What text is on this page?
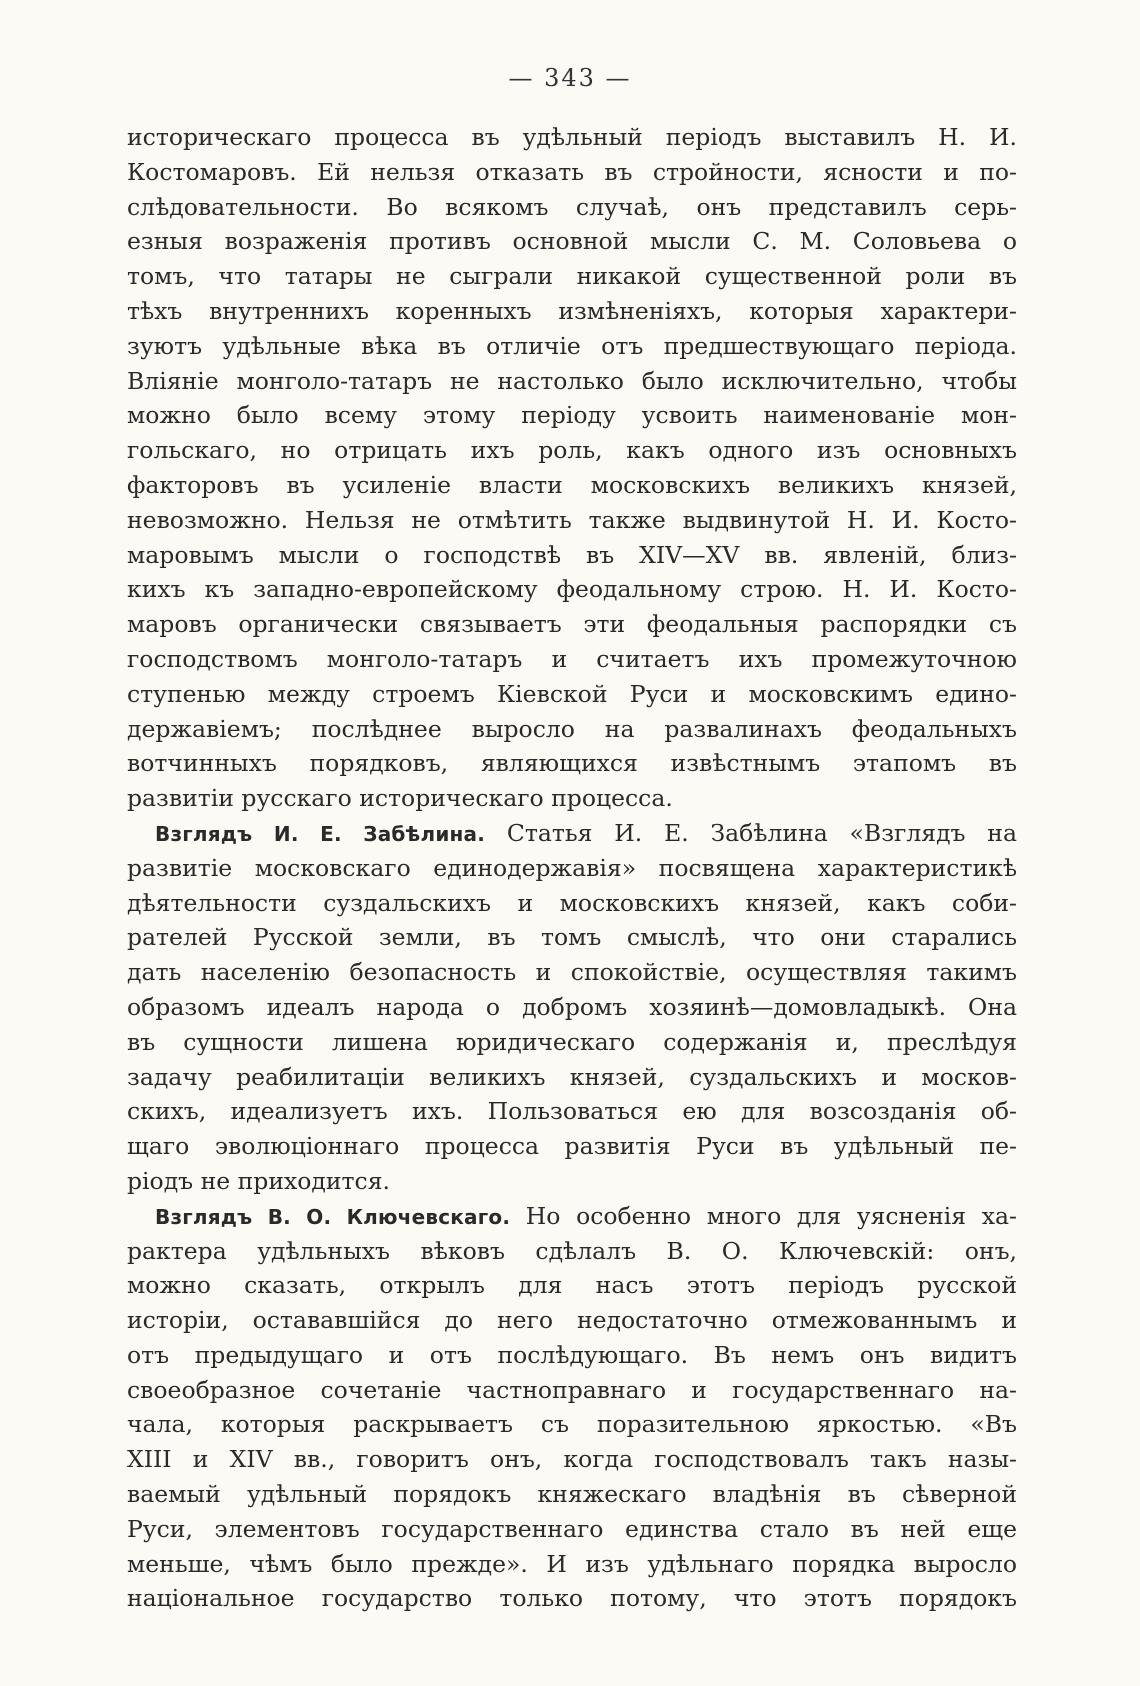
— 343 —
историческаго процесса въ удѣльный періодъ выставилъ Н. И.
Костомаровъ. Ей нельзя отказать въ стройности, ясности и по-
слѣдовательности. Во всякомъ случаѣ, онъ представилъ серь-
езныя возраженія противъ основной мысли С. М. Соловьева о
томъ, что татары не сыграли никакой существенной роли въ
тѣхъ внутреннихъ коренныхъ измѣненіяхъ, которыя характери-
зуютъ удѣльные вѣка въ отличіе отъ предшествующаго періода.
Вліяніе монголо-татаръ не настолько было исключительно, чтобы
можно было всему этому періоду усвоить наименованіе мон-
гольскаго, но отрицать ихъ роль, какъ одного изъ основныхъ
факторовъ въ усиленіе власти московскихъ великихъ князей,
невозможно. Нельзя не отмѣтить также выдвинутой Н. И. Косто-
маровымъ мысли о господствѣ въ XIV—XV вв. явленій, близ-
кихъ къ западно-европейскому феодальному строю. Н. И. Косто-
маровъ органически связываетъ эти феодальныя распорядки съ
господствомъ монголо-татаръ и считаетъ ихъ промежуточною
ступенью между строемъ Кіевской Руси и московскимъ едино-
державіемъ; послѣднее выросло на развалинахъ феодальныхъ
вотчинныхъ порядковъ, являющихся извѣстнымъ этапомъ въ
развитіи русскаго историческаго процесса.
Взглядъ И. Е. Забѣлина. Статья И. Е. Забѣлина «Взглядъ на
развитіе московскаго единодержавія» посвящена характеристикѣ
дѣятельности суздальскихъ и московскихъ князей, какъ соби-
рателей Русской земли, въ томъ смыслѣ, что они старались
дать населенію безопасность и спокойствіе, осуществляя такимъ
образомъ идеалъ народа о добромъ хозяинѣ—домовладыкѣ. Она
въ сущности лишена юридическаго содержанія и, преслѣдуя
задачу реабилитаціи великихъ князей, суздальскихъ и москов-
скихъ, идеализуетъ ихъ. Пользоваться ею для возсозданія об-
щаго эволюціоннаго процесса развитія Руси въ удѣльный пе-
ріодъ не приходится.
Взглядъ В. О. Ключевскаго. Но особенно много для уясненія ха-
рактера удѣльныхъ вѣковъ сдѣлалъ В. О. Ключевскій: онъ,
можно сказать, открылъ для насъ этотъ періодъ русской
исторіи, остававшійся до него недостаточно отмежованнымъ и
отъ предыдущаго и отъ послѣдующаго. Въ немъ онъ видитъ
своеобразное сочетаніе частноправнаго и государственнаго на-
чала, которыя раскрываетъ съ поразительною яркостью. «Въ
XIII и XIV вв., говоритъ онъ, когда господствовалъ такъ назы-
ваемый удѣльный порядокъ княжескаго владѣнія въ сѣверной
Руси, элементовъ государственнаго единства стало въ ней еще
меньше, чѣмъ было прежде». И изъ удѣльнаго порядка выросло
національное государство только потому, что этотъ порядокъ
